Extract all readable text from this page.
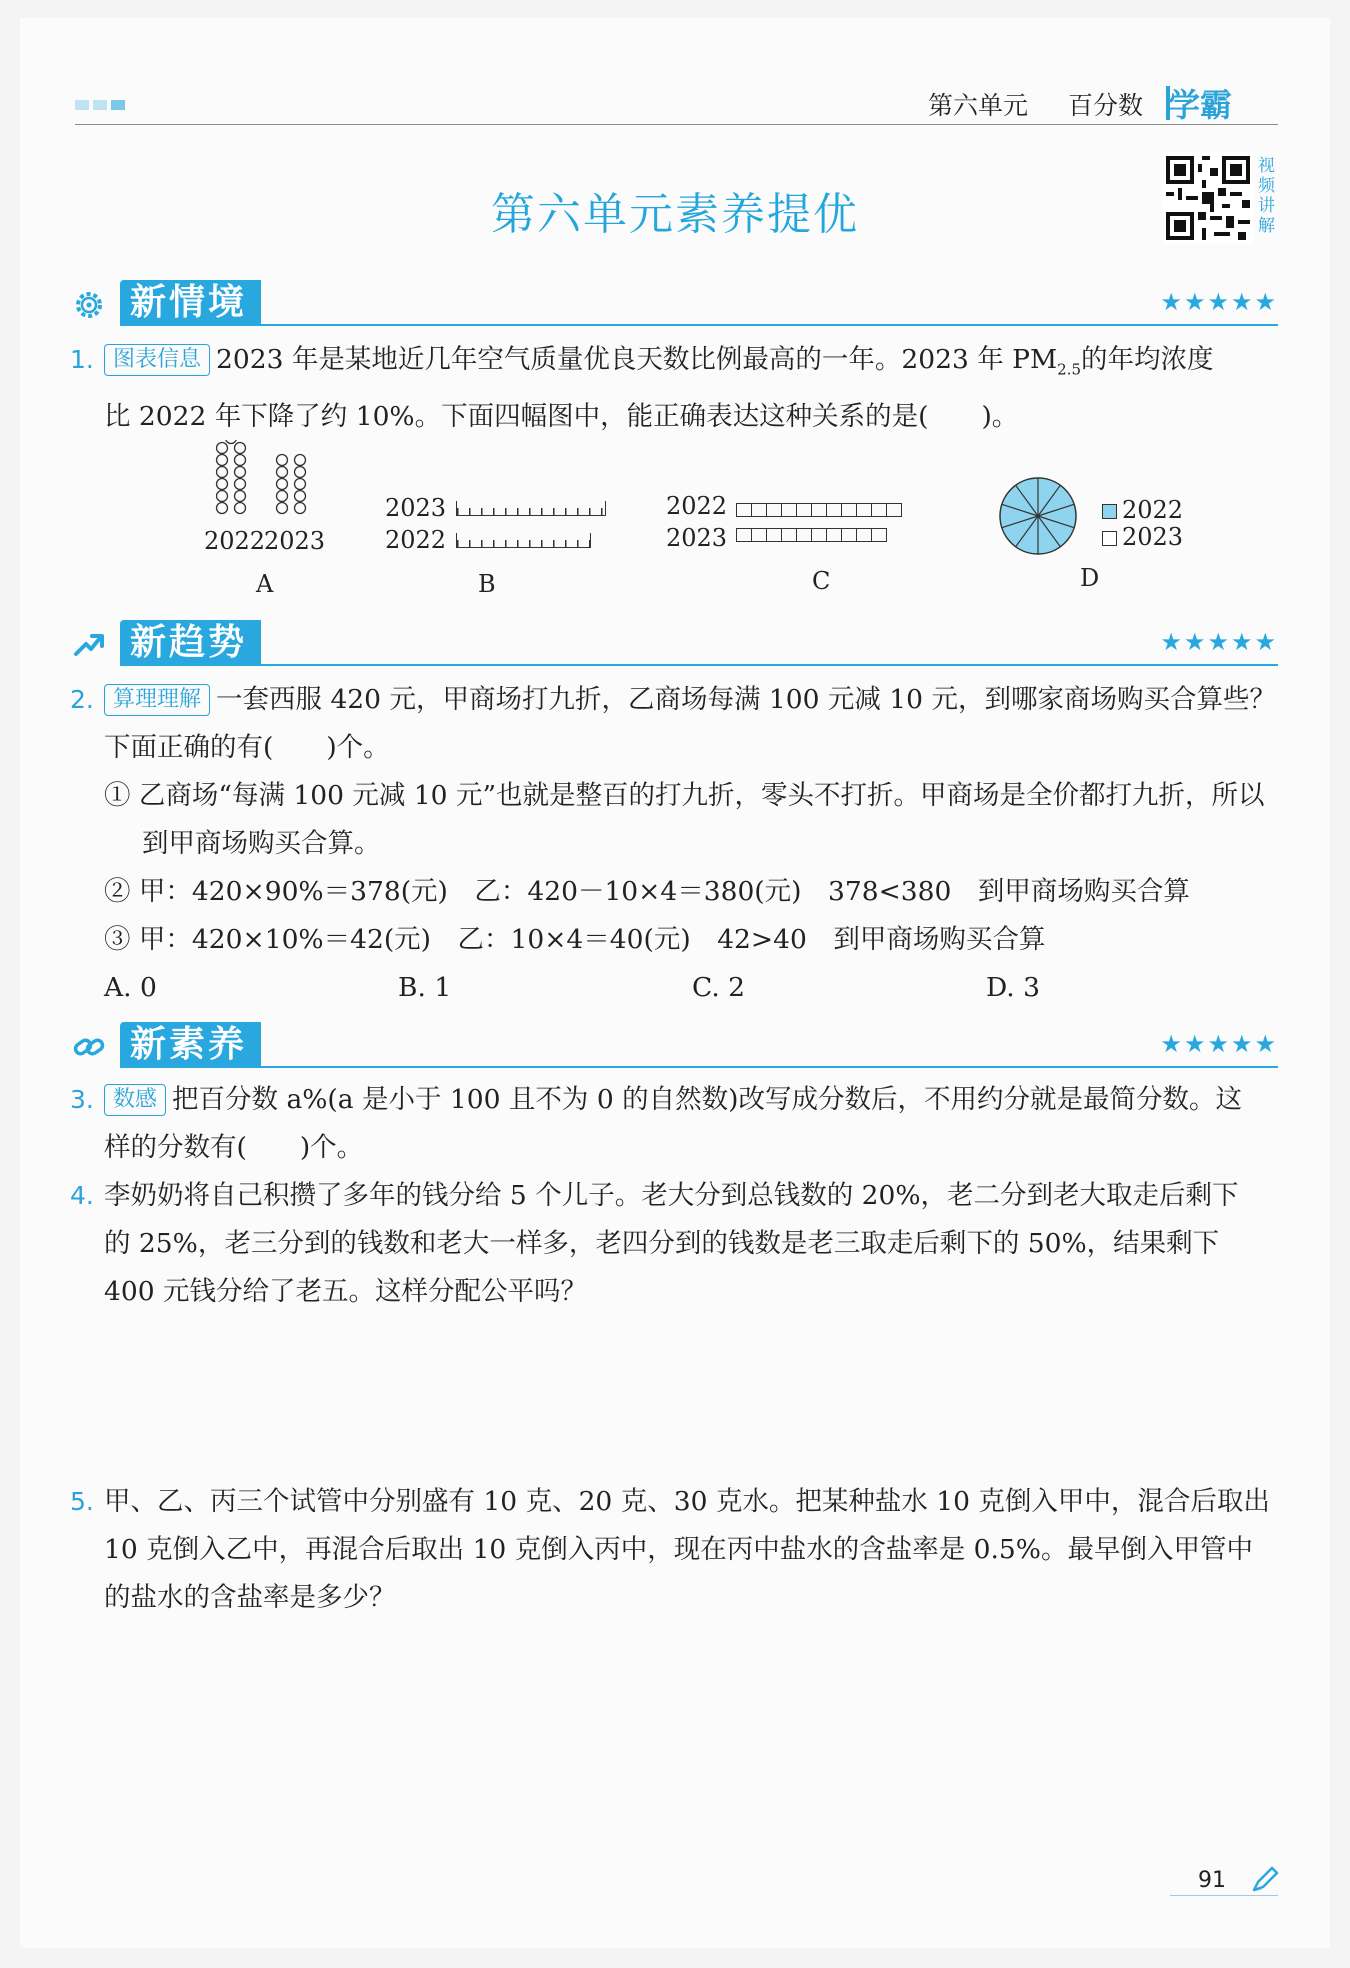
第六单元 百分数 学霸
第六单元素养提优
视频讲解
新情境	★★★★★
1. 图表信息 2023 年是某地近几年空气质量优良天数比例最高的一年。2023 年 $PM_{2.5}$的年均浓度
比 2022 年下降了约 10%。下面四幅图中，能正确表达这种关系的是(　　)。
2022
2023
A
2023
2022
B
2022
2023
C
2022
2023
D
新趋势	★★★★★
2. 算理理解 一套西服 420 元，甲商场打九折，乙商场每满 100 元减 10 元，到哪家商场购买合算些？
下面正确的有(　　)个。
① 乙商场“每满 100 元减 10 元”也就是整百的打九折，零头不打折。甲商场是全价都打九折，所以
到甲商场购买合算。
② 甲：420×90%＝378(元)　乙：420－10×4＝380(元)　378<380　到甲商场购买合算
③ 甲：420×10%＝42(元)　乙：10×4＝40(元)　42>40　到甲商场购买合算
A. 0	B. 1	C. 2	D. 3
新素养	★★★★★
3. 数感 把百分数 a%(a 是小于 100 且不为 0 的自然数)改写成分数后，不用约分就是最简分数。这
样的分数有(　　)个。
4. 李奶奶将自己积攒了多年的钱分给 5 个儿子。老大分到总钱数的 20%，老二分到老大取走后剩下
的 25%，老三分到的钱数和老大一样多，老四分到的钱数是老三取走后剩下的 50%，结果剩下
400 元钱分给了老五。这样分配公平吗？
5. 甲、乙、丙三个试管中分别盛有 10 克、20 克、30 克水。把某种盐水 10 克倒入甲中，混合后取出
10 克倒入乙中，再混合后取出 10 克倒入丙中，现在丙中盐水的含盐率是 0.5%。最早倒入甲管中
的盐水的含盐率是多少？
91
